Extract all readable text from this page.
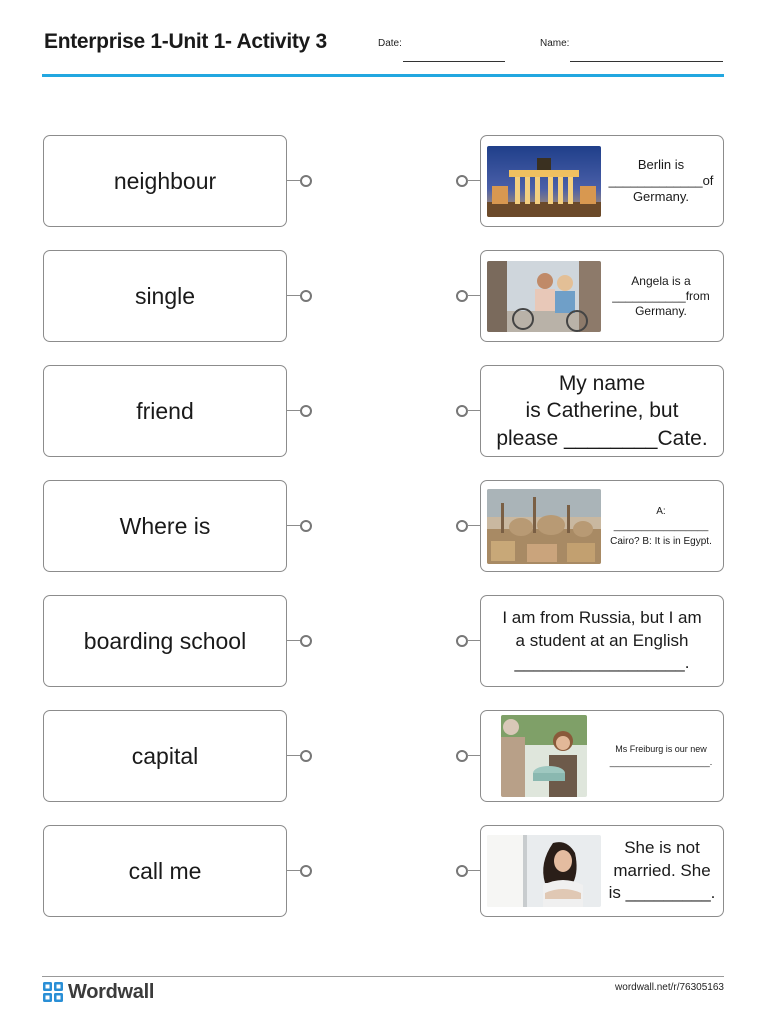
Enterprise 1-Unit 1- Activity 3	Date:	Name:
neighbour
Berlin is
_____________of
Germany.
single
Angela is a
___________from
Germany.
friend
My name
is Catherine, but
please ________Cate.
Where is
A:
_________________
Cairo? B: It is in Egypt.
boarding school
I am from Russia, but I am
a student at an English
__________________.
capital	Ms Freiburg is our new
____________________.
call me
She is not
married. She
is _________.
Wordwall	wordwall.net/r/76305163
